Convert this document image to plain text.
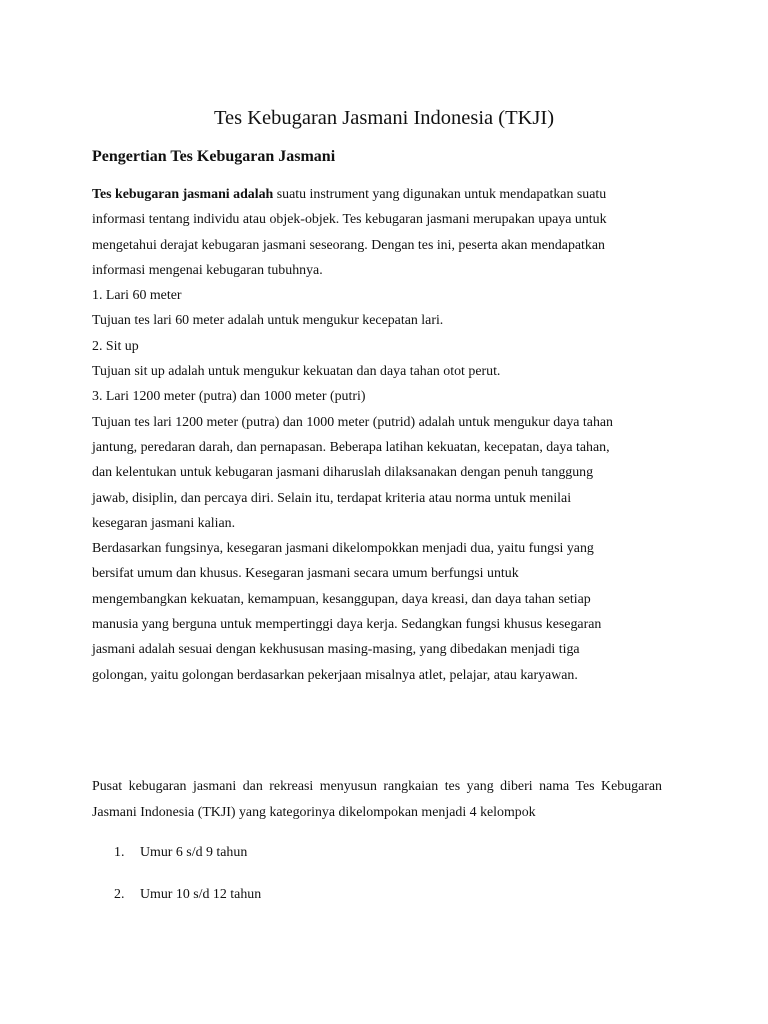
Tes Kebugaran Jasmani Indonesia (TKJI)
Pengertian Tes Kebugaran Jasmani

Tes kebugaran jasmani adalah suatu instrument yang digunakan untuk mendapatkan suatu

informasi tentang individu atau objek-objek. Tes kebugaran jasmani merupakan upaya untuk

mengetahui derajat kebugaran jasmani seseorang. Dengan tes ini, peserta akan mendapatkan

informasi mengenai kebugaran tubuhnya.

1. Lari 60 meter

Tujuan tes lari 60 meter adalah untuk mengukur kecepatan lari.

2. Sit up

Tujuan sit up adalah untuk mengukur kekuatan dan daya tahan otot perut.

3. Lari 1200 meter (putra) dan 1000 meter (putri)

Tujuan tes lari 1200 meter (putra) dan 1000 meter (putrid) adalah untuk mengukur daya tahan

jantung, peredaran darah, dan pernapasan. Beberapa latihan kekuatan, kecepatan, daya tahan,

dan kelentukan untuk kebugaran jasmani diharuslah dilaksanakan dengan penuh tanggung

jawab, disiplin, dan percaya diri. Selain itu, terdapat kriteria atau norma untuk menilai

kesegaran jasmani kalian.

Berdasarkan fungsinya, kesegaran jasmani dikelompokkan menjadi dua, yaitu fungsi yang

bersifat umum dan khusus. Kesegaran jasmani secara umum berfungsi untuk

mengembangkan kekuatan, kemampuan, kesanggupan, daya kreasi, dan daya tahan setiap

manusia yang berguna untuk mempertinggi daya kerja. Sedangkan fungsi khusus kesegaran

jasmani adalah sesuai dengan kekhususan masing-masing, yang dibedakan menjadi tiga

golongan, yaitu golongan berdasarkan pekerjaan misalnya atlet, pelajar, atau karyawan.

Pusat kebugaran jasmani dan rekreasi menyusun rangkaian tes yang diberi nama Tes Kebugaran Jasmani Indonesia (TKJI) yang kategorinya dikelompokan menjadi 4 kelompok

1. Umur 6 s/d 9 tahun
2. Umur 10 s/d 12 tahun
